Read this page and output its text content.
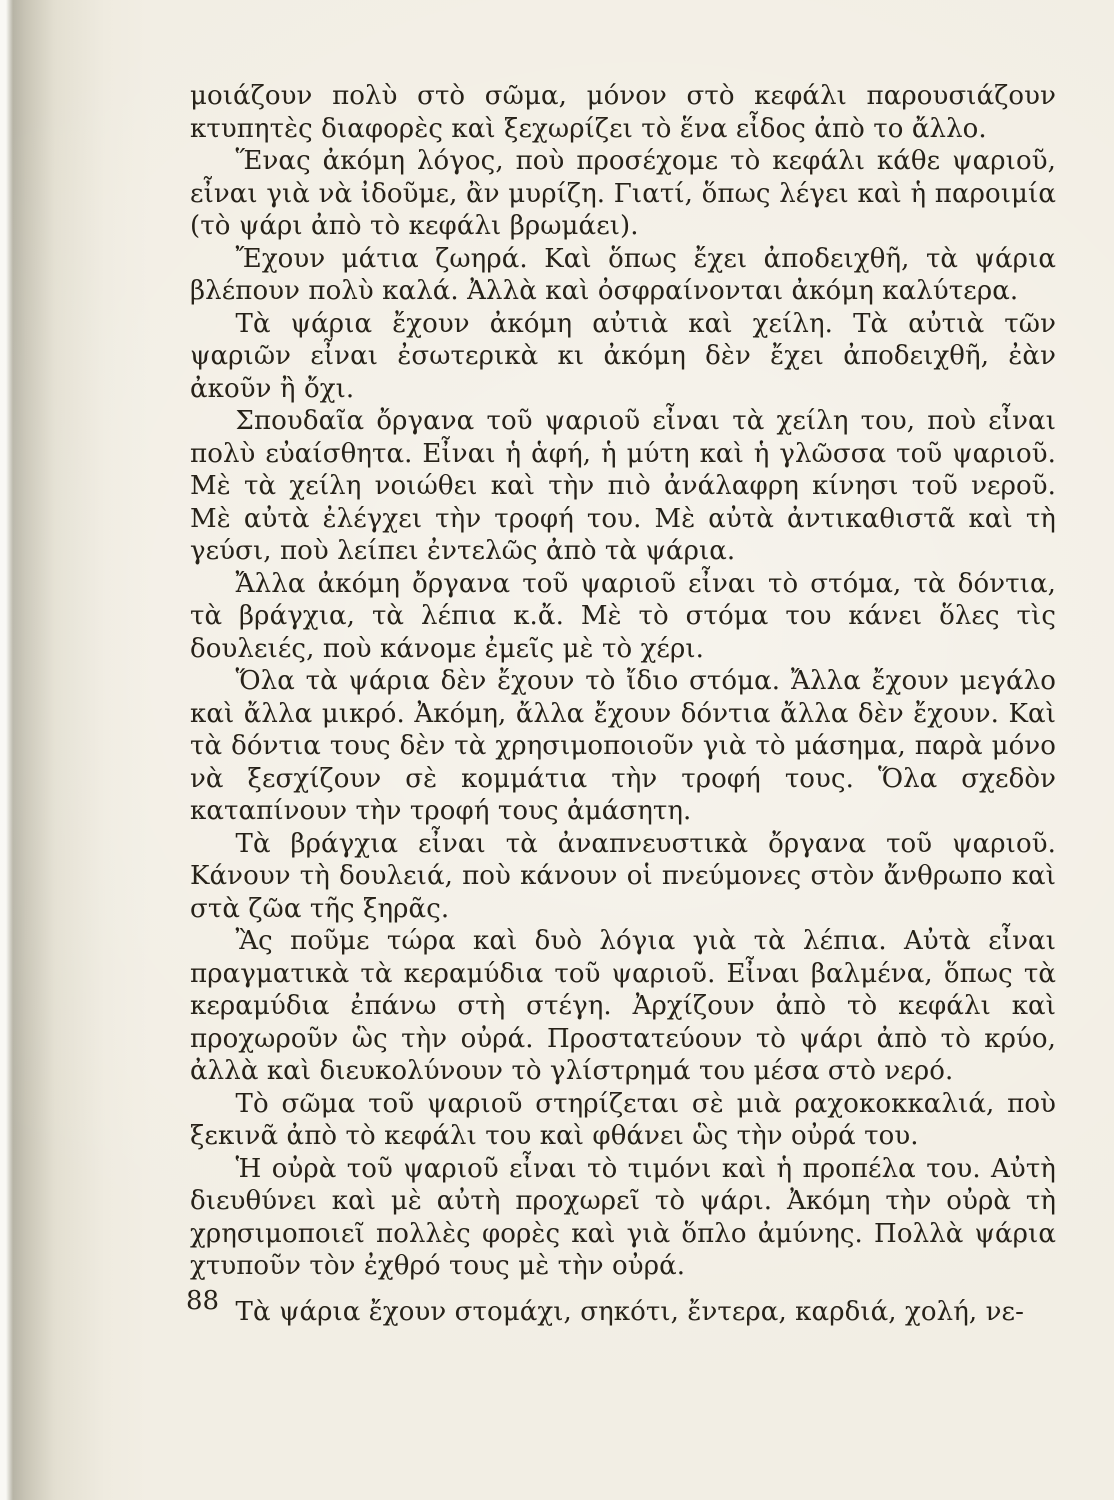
μοιάζουν πολὺ στὸ σῶμα, μόνον στὸ κεφάλι παρουσιάζουν κτυπητὲς διαφορὲς καὶ ξεχωρίζει τὸ ἕνα εἶδος ἀπὸ το ἄλλο.

Ἕνας ἀκόμη λόγος, ποὺ προσέχομε τὸ κεφάλι κάθε ψαριοῦ, εἶναι γιὰ νὰ ἰδοῦμε, ἂν μυρίζη. Γιατί, ὅπως λέγει καὶ ἡ παροιμία (τὸ ψάρι ἀπὸ τὸ κεφάλι βρωμάει).

Ἔχουν μάτια ζωηρά. Καὶ ὅπως ἔχει ἀποδειχθῆ, τὰ ψάρια βλέπουν πολὺ καλά. Ἀλλὰ καὶ ὀσφραίνονται ἀκόμη καλύτερα.

Τὰ ψάρια ἔχουν ἀκόμη αὐτιὰ καὶ χείλη. Τὰ αὐτιὰ τῶν ψαριῶν εἶναι ἐσωτερικὰ κι ἀκόμη δὲν ἔχει ἀποδειχθῆ, ἐὰν ἀκοῦν ἢ ὄχι.

Σπουδαῖα ὄργανα τοῦ ψαριοῦ εἶναι τὰ χείλη του, ποὺ εἶναι πολὺ εὐαίσθητα. Εἶναι ἡ ἁφή, ἡ μύτη καὶ ἡ γλῶσσα τοῦ ψαριοῦ. Μὲ τὰ χείλη νοιώθει καὶ τὴν πιὸ ἀνάλαφρη κίνησι τοῦ νεροῦ. Μὲ αὐτὰ ἐλέγχει τὴν τροφή του. Μὲ αὐτὰ ἀντικαθιστᾶ καὶ τὴ γεύσι, ποὺ λείπει ἐντελῶς ἀπὸ τὰ ψάρια.

Ἄλλα ἀκόμη ὄργανα τοῦ ψαριοῦ εἶναι τὸ στόμα, τὰ δόντια, τὰ βράγχια, τὰ λέπια κ.ἄ. Μὲ τὸ στόμα του κάνει ὅλες τὶς δουλειές, ποὺ κάνομε ἐμεῖς μὲ τὸ χέρι.

Ὅλα τὰ ψάρια δὲν ἔχουν τὸ ἴδιο στόμα. Ἄλλα ἔχουν μεγάλο καὶ ἄλλα μικρό. Ἀκόμη, ἄλλα ἔχουν δόντια ἄλλα δὲν ἔχουν. Καὶ τὰ δόντια τους δὲν τὰ χρησιμοποιοῦν γιὰ τὸ μάσημα, παρὰ μόνο νὰ ξεσχίζουν σὲ κομμάτια τὴν τροφή τους. Ὅλα σχεδὸν καταπίνουν τὴν τροφή τους ἀμάσητη.

Τὰ βράγχια εἶναι τὰ ἀναπνευστικὰ ὄργανα τοῦ ψαριοῦ. Κάνουν τὴ δουλειά, ποὺ κάνουν οἱ πνεύμονες στὸν ἄνθρωπο καὶ στὰ ζῶα τῆς ξηρᾶς.

Ἂς ποῦμε τώρα καὶ δυὸ λόγια γιὰ τὰ λέπια. Αὐτὰ εἶναι πραγματικὰ τὰ κεραμύδια τοῦ ψαριοῦ. Εἶναι βαλμένα, ὅπως τὰ κεραμύδια ἐπάνω στὴ στέγη. Ἀρχίζουν ἀπὸ τὸ κεφάλι καὶ προχωροῦν ὣς τὴν οὐρά. Προστατεύουν τὸ ψάρι ἀπὸ τὸ κρύο, ἀλλὰ καὶ διευκολύνουν τὸ γλίστρημά του μέσα στὸ νερό.

Τὸ σῶμα τοῦ ψαριοῦ στηρίζεται σὲ μιὰ ραχοκοκκαλιά, ποὺ ξεκινᾶ ἀπὸ τὸ κεφάλι του καὶ φθάνει ὣς τὴν οὐρά του.

Ἡ οὐρὰ τοῦ ψαριοῦ εἶναι τὸ τιμόνι καὶ ἡ προπέλα του. Αὐτὴ διευθύνει καὶ μὲ αὐτὴ προχωρεῖ τὸ ψάρι. Ἀκόμη τὴν οὐρὰ τὴ χρησιμοποιεῖ πολλὲς φορὲς καὶ γιὰ ὅπλο ἀμύνης. Πολλὰ ψάρια χτυποῦν τὸν ἐχθρό τους μὲ τὴν οὐρά.

Τὰ ψάρια ἔχουν στομάχι, σηκότι, ἔντερα, καρδιά, χολή, νε-

88
